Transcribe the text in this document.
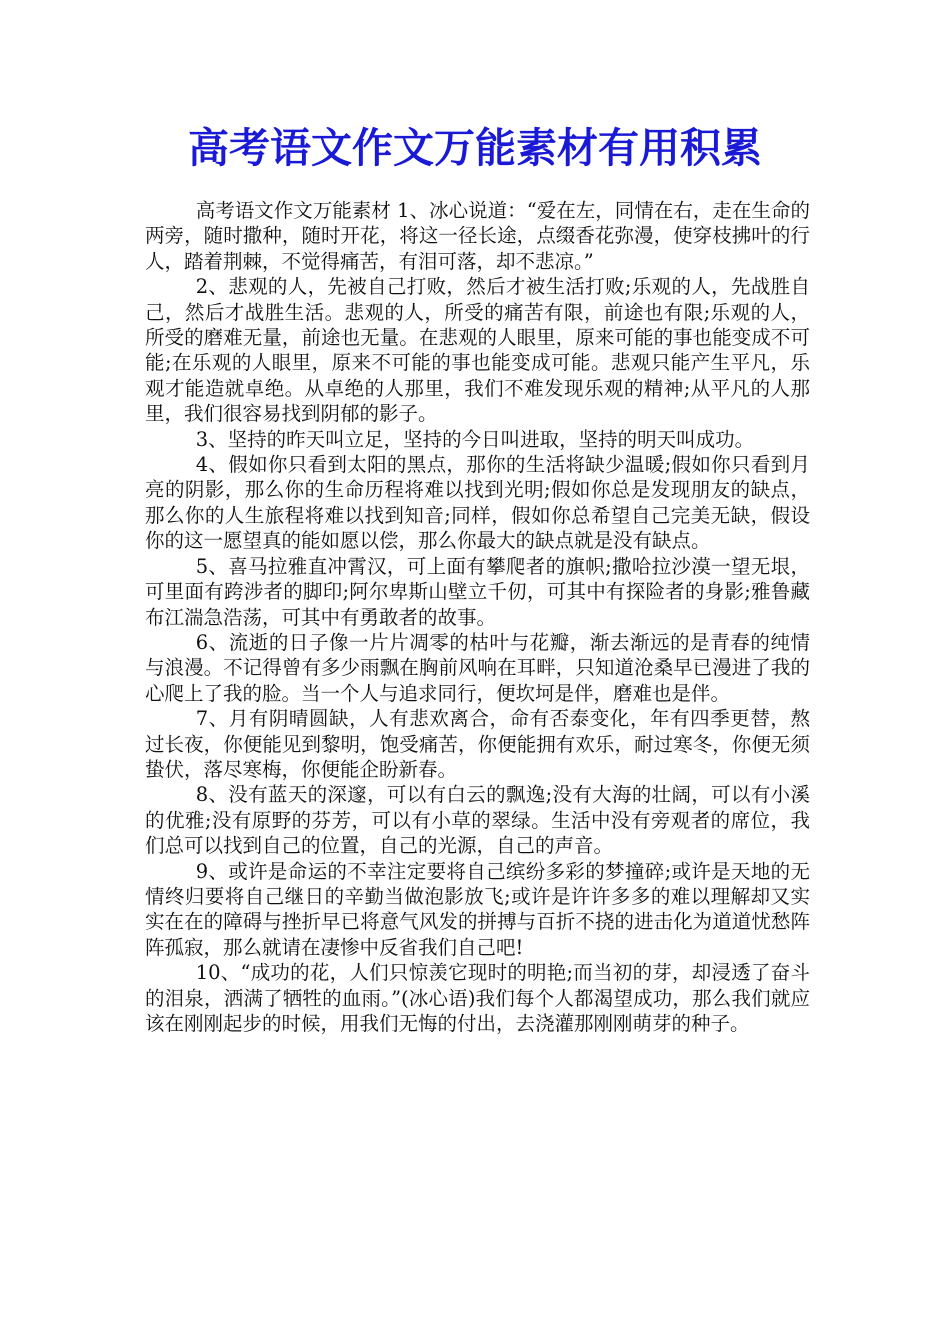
高考语文作文万能素材有用积累

高考语文作文万能素材 1、冰心说道：“爱在左，同情在右，走在生命的两旁，随时撒种，随时开花，将这一径长途，点缀香花弥漫，使穿枝拂叶的行人，踏着荆棘，不觉得痛苦，有泪可落，却不悲凉。”

2、悲观的人，先被自己打败，然后才被生活打败;乐观的人，先战胜自己，然后才战胜生活。悲观的人，所受的痛苦有限，前途也有限;乐观的人，所受的磨难无量，前途也无量。在悲观的人眼里，原来可能的事也能变成不可能;在乐观的人眼里，原来不可能的事也能变成可能。悲观只能产生平凡，乐观才能造就卓绝。从卓绝的人那里，我们不难发现乐观的精神;从平凡的人那里，我们很容易找到阴郁的影子。

3、坚持的昨天叫立足，坚持的今日叫进取，坚持的明天叫成功。

4、假如你只看到太阳的黑点，那你的生活将缺少温暖;假如你只看到月亮的阴影，那么你的生命历程将难以找到光明;假如你总是发现朋友的缺点，那么你的人生旅程将难以找到知音;同样，假如你总希望自己完美无缺，假设你的这一愿望真的能如愿以偿，那么你最大的缺点就是没有缺点。

5、喜马拉雅直冲霄汉，可上面有攀爬者的旗帜;撒哈拉沙漠一望无垠，可里面有跨涉者的脚印;阿尔卑斯山壁立千仞，可其中有探险者的身影;雅鲁藏布江湍急浩荡，可其中有勇敢者的故事。

6、流逝的日子像一片片凋零的枯叶与花瓣，渐去渐远的是青春的纯情与浪漫。不记得曾有多少雨飘在胸前风响在耳畔，只知道沧桑早已漫进了我的心爬上了我的脸。当一个人与追求同行，便坎坷是伴，磨难也是伴。

7、月有阴晴圆缺，人有悲欢离合，命有否泰变化，年有四季更替，熬过长夜，你便能见到黎明，饱受痛苦，你便能拥有欢乐，耐过寒冬，你便无须蛰伏，落尽寒梅，你便能企盼新春。

8、没有蓝天的深邃，可以有白云的飘逸;没有大海的壮阔，可以有小溪的优雅;没有原野的芬芳，可以有小草的翠绿。生活中没有旁观者的席位，我们总可以找到自己的位置，自己的光源，自己的声音。

9、或许是命运的不幸注定要将自己缤纷多彩的梦撞碎;或许是天地的无情终归要将自己继日的辛勤当做泡影放飞;或许是许许多多的难以理解却又实实在在的障碍与挫折早已将意气风发的拼搏与百折不挠的进击化为道道忧愁阵阵孤寂，那么就请在凄惨中反省我们自己吧!

10、“成功的花，人们只惊羡它现时的明艳;而当初的芽，却浸透了奋斗的泪泉，洒满了牺牲的血雨。”(冰心语)我们每个人都渴望成功，那么我们就应该在刚刚起步的时候，用我们无悔的付出，去浇灌那刚刚萌芽的种子。
